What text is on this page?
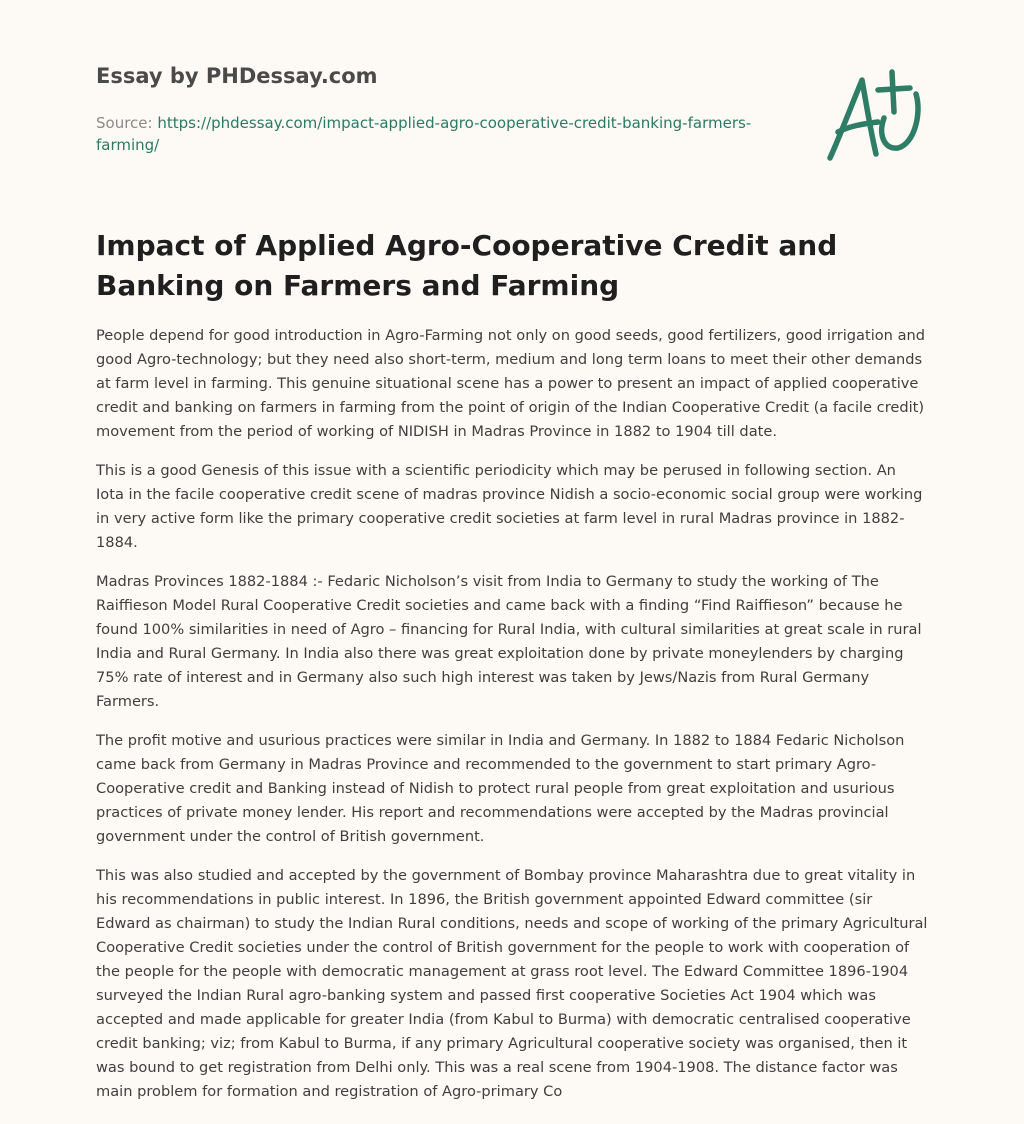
Essay by PHDessay.com
Source: https://phdessay.com/impact-applied-agro-cooperative-credit-banking-farmers-farming/
Impact of Applied Agro-Cooperative Credit and Banking on Farmers and Farming

People depend for good introduction in Agro-Farming not only on good seeds, good fertilizers, good irrigation and good Agro-technology; but they need also short-term, medium and long term loans to meet their other demands at farm level in farming. This genuine situational scene has a power to present an impact of applied cooperative credit and banking on farmers in farming from the point of origin of the Indian Cooperative Credit (a facile credit) movement from the period of working of NIDISH in Madras Province in 1882 to 1904 till date.

This is a good Genesis of this issue with a scientific periodicity which may be perused in following section. An Iota in the facile cooperative credit scene of madras province Nidish a socio-economic social group were working in very active form like the primary cooperative credit societies at farm level in rural Madras province in 1882-1884.

Madras Provinces 1882-1884 :- Fedaric Nicholson’s visit from India to Germany to study the working of The Raiffieson Model Rural Cooperative Credit societies and came back with a finding “Find Raiffieson” because he found 100% similarities in need of Agro – financing for Rural India, with cultural similarities at great scale in rural India and Rural Germany. In India also there was great exploitation done by private moneylenders by charging 75% rate of interest and in Germany also such high interest was taken by Jews/Nazis from Rural Germany Farmers.

The profit motive and usurious practices were similar in India and Germany. In 1882 to 1884 Fedaric Nicholson came back from Germany in Madras Province and recommended to the government to start primary Agro-Cooperative credit and Banking instead of Nidish to protect rural people from great exploitation and usurious practices of private money lender. His report and recommendations were accepted by the Madras provincial government under the control of British government.

This was also studied and accepted by the government of Bombay province Maharashtra due to great vitality in his recommendations in public interest. In 1896, the British government appointed Edward committee (sir Edward as chairman) to study the Indian Rural conditions, needs and scope of working of the primary Agricultural Cooperative Credit societies under the control of British government for the people to work with cooperation of the people for the people with democratic management at grass root level. The Edward Committee 1896-1904 surveyed the Indian Rural agro-banking system and passed first cooperative Societies Act 1904 which was accepted and made applicable for greater India (from Kabul to Burma) with democratic centralised cooperative credit banking; viz; from Kabul to Burma, if any primary Agricultural cooperative society was organised, then it was bound to get registration from Delhi only. This was a real scene from 1904-1908. The distance factor was main problem for formation and registration of Agro-primary Co
